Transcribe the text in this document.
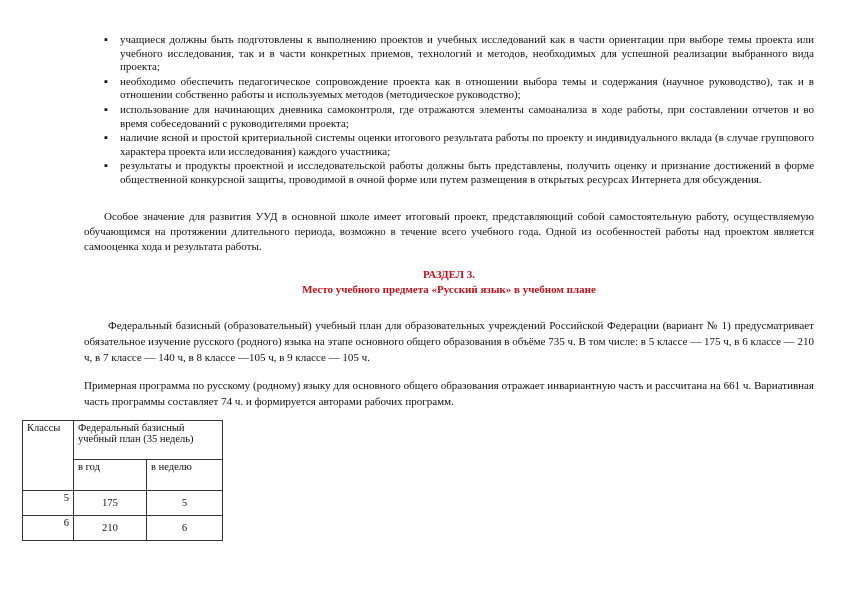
▪ учащиеся должны быть подготовлены к выполнению проектов и учебных исследований как в части ориентации при выборе темы проекта или учебного исследования, так и в части конкретных приемов, технологий и методов, необходимых для успешной реализации выбранного вида проекта;
▪ необходимо обеспечить педагогическое сопровождение проекта как в отношении выбора темы и содержания (научное руководство), так и в отношении собственно работы и используемых методов (методическое руководство);
▪ использование для начинающих дневника самоконтроля, где отражаются элементы самоанализа в ходе работы, при составлении отчетов и во время собеседований с руководителями проекта;
▪ наличие ясной и простой критериальной системы оценки итогового результата работы по проекту и индивидуального вклада (в случае группового характера проекта или исследования) каждого участника;
▪ результаты и продукты проектной и исследовательской работы должны быть представлены, получить оценку и признание достижений в форме общественной конкурсной защиты, проводимой в очной форме или путем размещения в открытых ресурсах Интернета для обсуждения.

Особое значение для развития УУД в основной школе имеет итоговый проект, представляющий собой самостоятельную работу, осуществляемую обучающимся на протяжении длительного периода, возможно в течение всего учебного года. Одной из особенностей работы над проектом является самооценка хода и результата работы.

РАЗДЕЛ 3.
Место учебного предмета «Русский язык» в учебном плане

Федеральный базисный (образовательный) учебный план для образовательных учреждений Российской Федерации (вариант № 1) предусматривает обязательное изучение русского (родного) языка на этапе основного общего образования в объёме 735 ч. В том числе: в 5 классе — 175 ч, в 6 классе — 210 ч, в 7 классе — 140 ч, в 8 классе —105 ч, в 9 классе — 105 ч.

Примерная программа по русскому (родному) языку для основного общего образования отражает инвариантную часть и рассчитана на 661 ч. Вариативная часть программы составляет 74 ч. и формируется авторами рабочих программ.

Классы	Федеральный базисный учебный план (35 недель)	
	в год	в неделю
5	175	5
6	210	6
